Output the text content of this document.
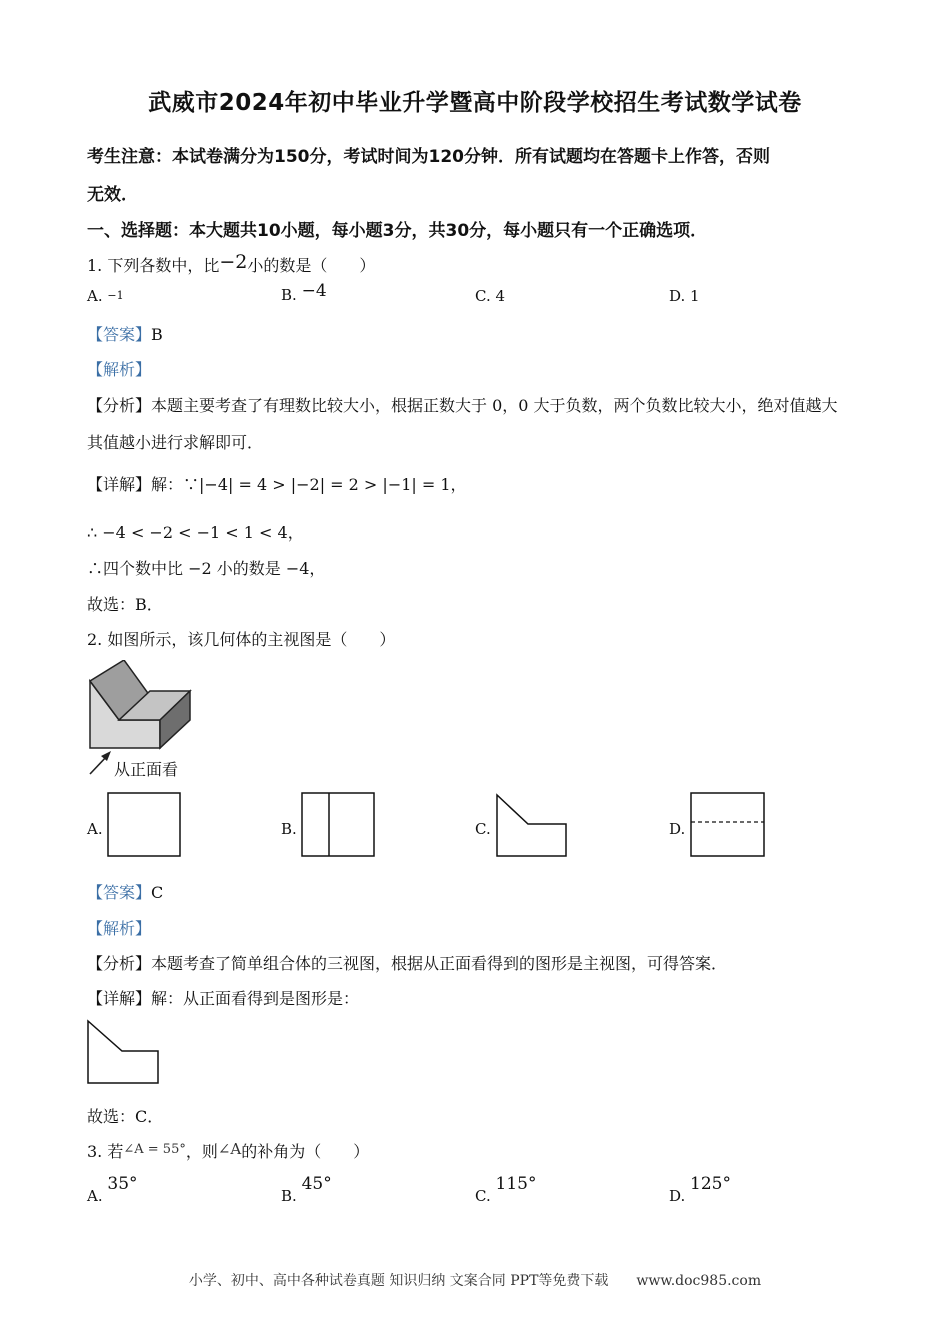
武威市2024年初中毕业升学暨高中阶段学校招生考试数学试卷
考生注意：本试卷满分为150分，考试时间为120分钟．所有试题均在答题卡上作答，否则
无效．
一、选择题：本大题共10小题，每小题3分，共30分，每小题只有一个正确选项．
1. 下列各数中，比−2小的数是（　　）
A. −1	B. −4	C. 4	D. 1
【答案】B
【解析】
【分析】本题主要考查了有理数比较大小，根据正数大于 0，0 大于负数，两个负数比较大小，绝对值越大
其值越小进行求解即可．
【详解】解：∵|−4| = 4 > |−2| = 2 > |−1| = 1，
∴ −4 < −2 < −1 < 1 < 4，
∴四个数中比 −2 小的数是 −4，
故选：B．
2. 如图所示，该几何体的主视图是（　　）
从正面看
A.	B.	C.	D.
【答案】C
【解析】
【分析】本题考查了简单组合体的三视图，根据从正面看得到的图形是主视图，可得答案．
【详解】解：从正面看得到是图形是：
故选：C．
3. 若$^{\angle A = 55^\circ}$，则∠A的补角为（　　）
A. 35°
B. 45°
C. 115°
D. 125°
小学、初中、高中各种试卷真题 知识归纳 文案合同 PPT等免费下载　　www.doc985.com
